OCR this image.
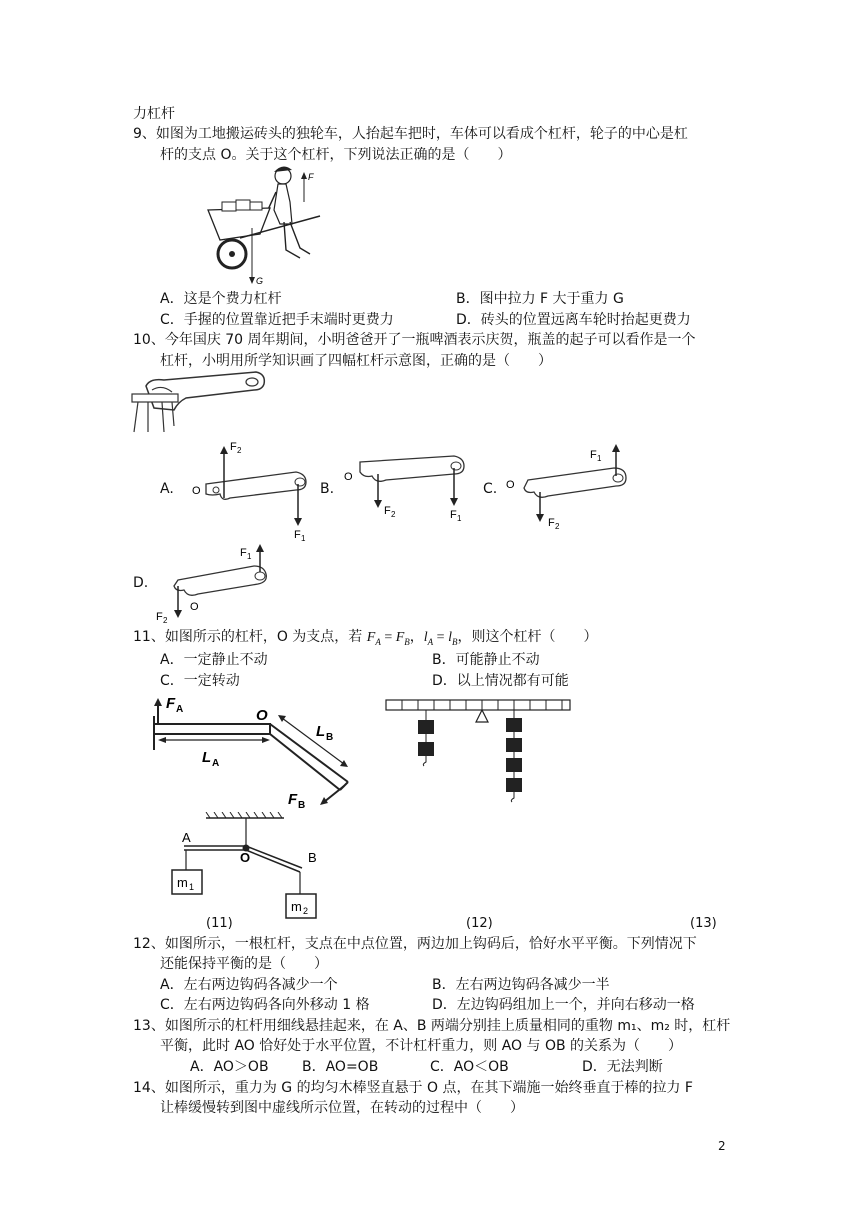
力杠杆
9、如图为工地搬运砖头的独轮车，人抬起车把时，车体可以看成个杠杆，轮子的中心是杠
杆的支点 O。关于这个杠杆，下列说法正确的是（　　）
F
G
A．这是个费力杠杆	B．图中拉力 F 大于重力 G
C．手握的位置靠近把手末端时更费力	D．砖头的位置远离车轮时抬起更费力
10、今年国庆 70 周年期间，小明爸爸开了一瓶啤酒表示庆贺，瓶盖的起子可以看作是一个
杠杆，小明用所学知识画了四幅杠杆示意图，正确的是（　　）
A. O
F 2
F 1
B.
O
F 2	F 1
C. O
F 2
F 1
D.
O
F 2
F 1
11、如图所示的杠杆，O 为支点，若 $F_A = F_B$，$l_A = l_B$，则这个杠杆（　　）
A．一定静止不动	B．可能静止不动
C．一定转动	D．以上情况都有可能
F A	O
L A
L B
F B
A
O	B
m 1
m 2
(11)	(12)	(13)
12、如图所示，一根杠杆，支点在中点位置，两边加上钩码后，恰好水平平衡。下列情况下
还能保持平衡的是（　　）
A．左右两边钩码各减少一个	B．左右两边钩码各减少一半
C．左右两边钩码各向外移动 1 格	D．左边钩码组加上一个，并向右移动一格
13、如图所示的杠杆用细线悬挂起来，在 A、B 两端分别挂上质量相同的重物 m₁、m₂ 时，杠杆
平衡，此时 AO 恰好处于水平位置，不计杠杆重力，则 AO 与 OB 的关系为（　　）
A．AO＞OB B．AO=OB	C．AO＜OB	D．无法判断
14、如图所示，重力为 G 的均匀木棒竖直悬于 O 点，在其下端施一始终垂直于棒的拉力 F
让棒缓慢转到图中虚线所示位置，在转动的过程中（　　）
2
